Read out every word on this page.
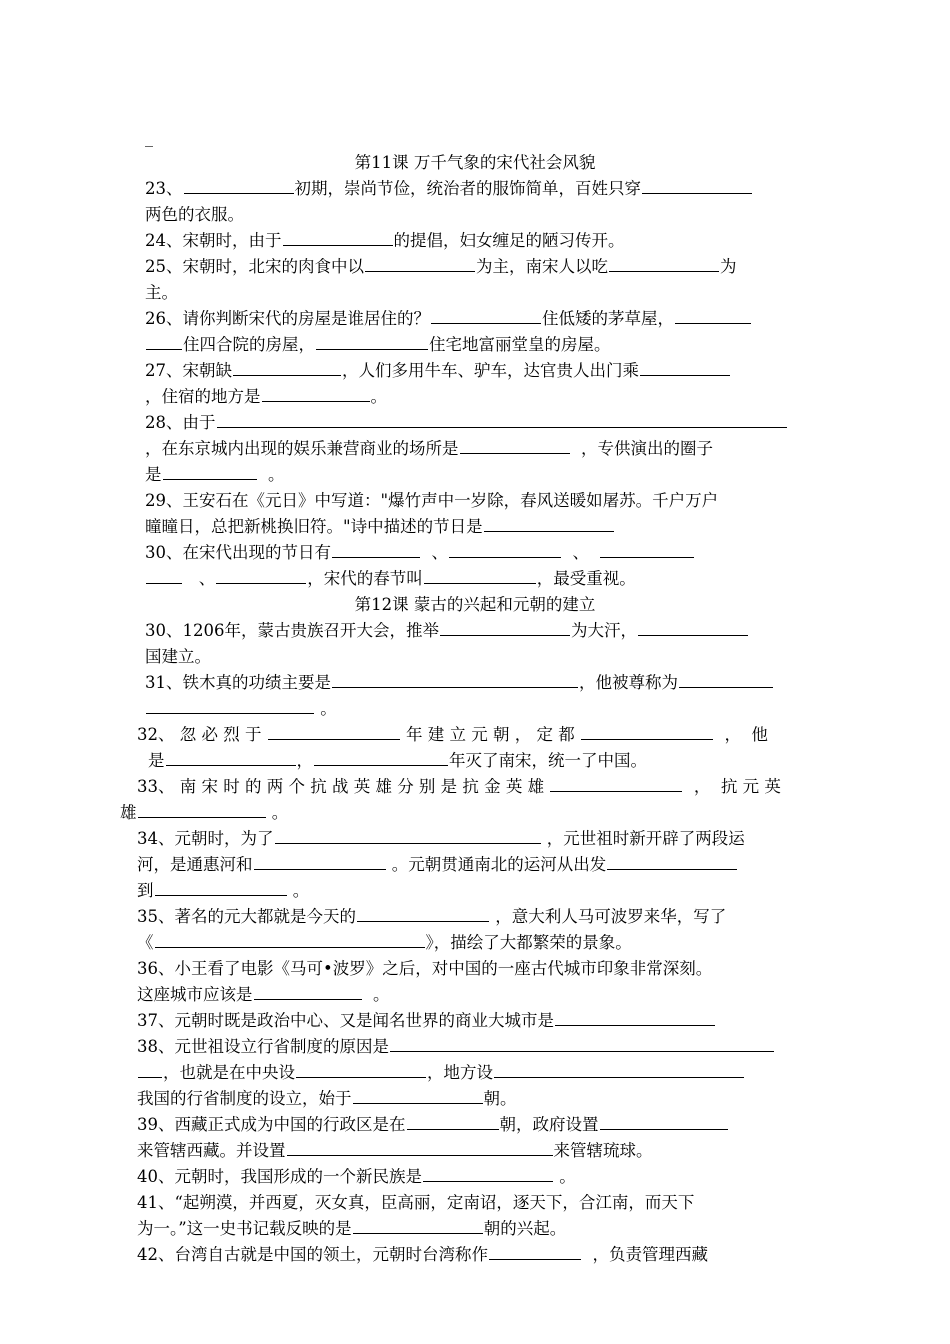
_
第11课 万千气象的宋代社会风貌
23、	初期，崇尚节俭，统治者的服饰简单，百姓只穿
两色的衣服。
24、宋朝时，由于	的提倡，妇女缠足的陋习传开。
25、宋朝时，北宋的肉食中以	为主，南宋人以吃	为
主。
26、请你判断宋代的房屋是谁居住的？	住低矮的茅草屋，
住四合院的房屋，	住宅地富丽堂皇的房屋。
27、宋朝缺	，人们多用牛车、驴车，达官贵人出门乘
，住宿的地方是	。
28、由于
，在东京城内出现的娱乐兼营商业的场所是	，专供演出的圈子
是	。
29、王安石在《元日》中写道："爆竹声中一岁除，春风送暖如屠苏。千户万户
曈曈日，总把新桃换旧符。"诗中描述的节日是
30、在宋代出现的节日有	、	、
、	，宋代的春节叫	，最受重视。
第12课 蒙古的兴起和元朝的建立
30、1206年，蒙古贵族召开大会，推举	为大汗，
国建立。
31、铁木真的功绩主要是	，他被尊称为
。
32、 忽 必 烈 于	年 建 立 元 朝 ， 定 都	，  他
是	，	年灭了南宋，统一了中国。
33、 南 宋 时 的 两 个 抗 战 英 雄 分 别 是 抗 金 英 雄	，  抗 元 英
雄	。
34、元朝时，为了	，元世祖时新开辟了两段运
河，是通惠河和	。元朝贯通南北的运河从出发
到	。
35、著名的元大都就是今天的	，意大利人马可波罗来华，写了
《	》，描绘了大都繁荣的景象。
36、小王看了电影《马可•波罗》之后，对中国的一座古代城市印象非常深刻。
这座城市应该是	。
37、元朝时既是政治中心、又是闻名世界的商业大城市是
38、元世祖设立行省制度的原因是
，也就是在中央设	，地方设
我国的行省制度的设立，始于	朝。
39、西藏正式成为中国的行政区是在	朝，政府设置
来管辖西藏。并设置	来管辖琉球。
40、元朝时，我国形成的一个新民族是	。
41、“起朔漠，并西夏，灭女真，臣高丽，定南诏，逐天下，合江南，而天下
为一。”这一史书记载反映的是	朝的兴起。
42、台湾自古就是中国的领土，元朝时台湾称作	，负责管理西藏
